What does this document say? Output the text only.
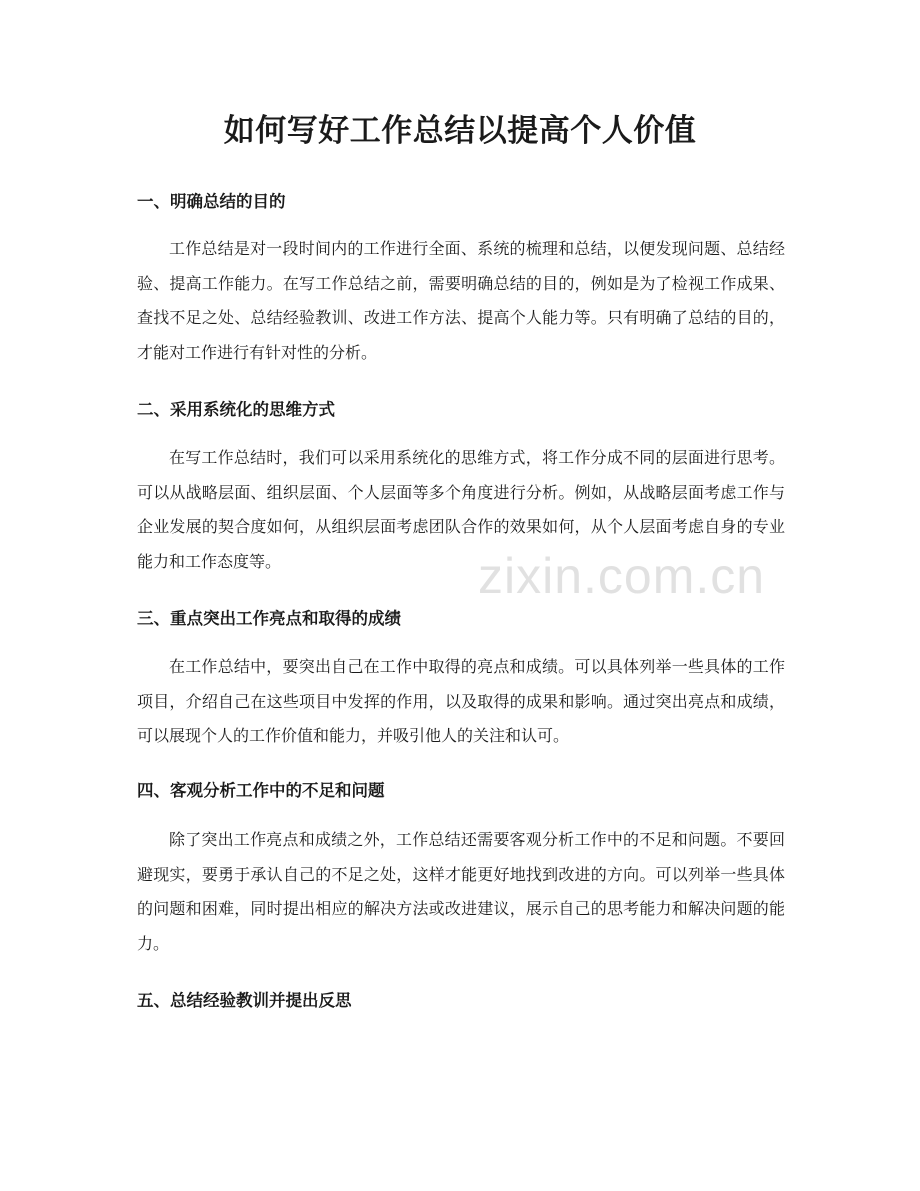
如何写好工作总结以提高个人价值
一、明确总结的目的

工作总结是对一段时间内的工作进行全面、系统的梳理和总结，以便发现问题、总结经验、提高工作能力。在写工作总结之前，需要明确总结的目的，例如是为了检视工作成果、查找不足之处、总结经验教训、改进工作方法、提高个人能力等。只有明确了总结的目的，才能对工作进行有针对性的分析。

二、采用系统化的思维方式

在写工作总结时，我们可以采用系统化的思维方式，将工作分成不同的层面进行思考。可以从战略层面、组织层面、个人层面等多个角度进行分析。例如，从战略层面考虑工作与企业发展的契合度如何，从组织层面考虑团队合作的效果如何，从个人层面考虑自身的专业能力和工作态度等。

三、重点突出工作亮点和取得的成绩

在工作总结中，要突出自己在工作中取得的亮点和成绩。可以具体列举一些具体的工作项目，介绍自己在这些项目中发挥的作用，以及取得的成果和影响。通过突出亮点和成绩，可以展现个人的工作价值和能力，并吸引他人的关注和认可。

四、客观分析工作中的不足和问题

除了突出工作亮点和成绩之外，工作总结还需要客观分析工作中的不足和问题。不要回避现实，要勇于承认自己的不足之处，这样才能更好地找到改进的方向。可以列举一些具体的问题和困难，同时提出相应的解决方法或改进建议，展示自己的思考能力和解决问题的能力。

五、总结经验教训并提出反思
zixin.com.cn
